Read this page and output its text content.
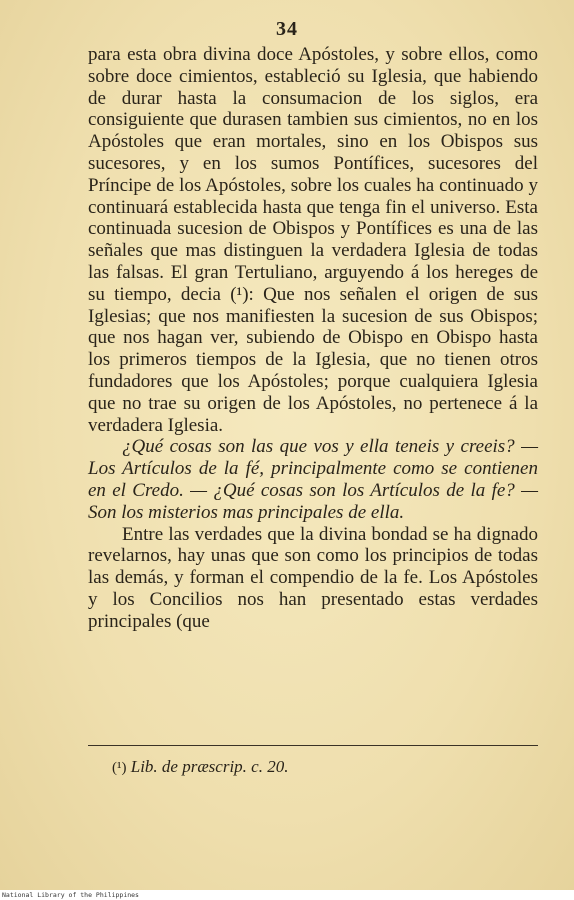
34

para esta obra divina doce Apóstoles, y sobre ellos, como sobre doce cimientos, estableció su Iglesia, que habiendo de durar hasta la consumacion de los siglos, era consiguiente que durasen tambien sus cimientos, no en los Apóstoles que eran mortales, sino en los Obispos sus sucesores, y en los sumos Pontífices, sucesores del Príncipe de los Apóstoles, sobre los cuales ha continuado y continuará establecida hasta que tenga fin el universo. Esta continuada sucesion de Obispos y Pontífices es una de las señales que mas distinguen la verdadera Iglesia de todas las falsas. El gran Tertuliano, arguyendo á los hereges de su tiempo, decia (¹): Que nos señalen el origen de sus Iglesias; que nos manifiesten la sucesion de sus Obispos; que nos hagan ver, subiendo de Obispo en Obispo hasta los primeros tiempos de la Iglesia, que no tienen otros fundadores que los Apóstoles; porque cualquiera Iglesia que no trae su origen de los Apóstoles, no pertenece á la verdadera Iglesia.

¿Qué cosas son las que vos y ella teneis y creeis? — Los Artículos de la fé, principalmente como se contienen en el Credo. — ¿Qué cosas son los Artículos de la fe? — Son los misterios mas principales de ella.

Entre las verdades que la divina bondad se ha dignado revelarnos, hay unas que son como los principios de todas las demás, y forman el compendio de la fe. Los Apóstoles y los Concilios nos han presentado estas verdades principales (que

(¹) Lib. de præscrip. c. 20.
National Library of the Philippines
